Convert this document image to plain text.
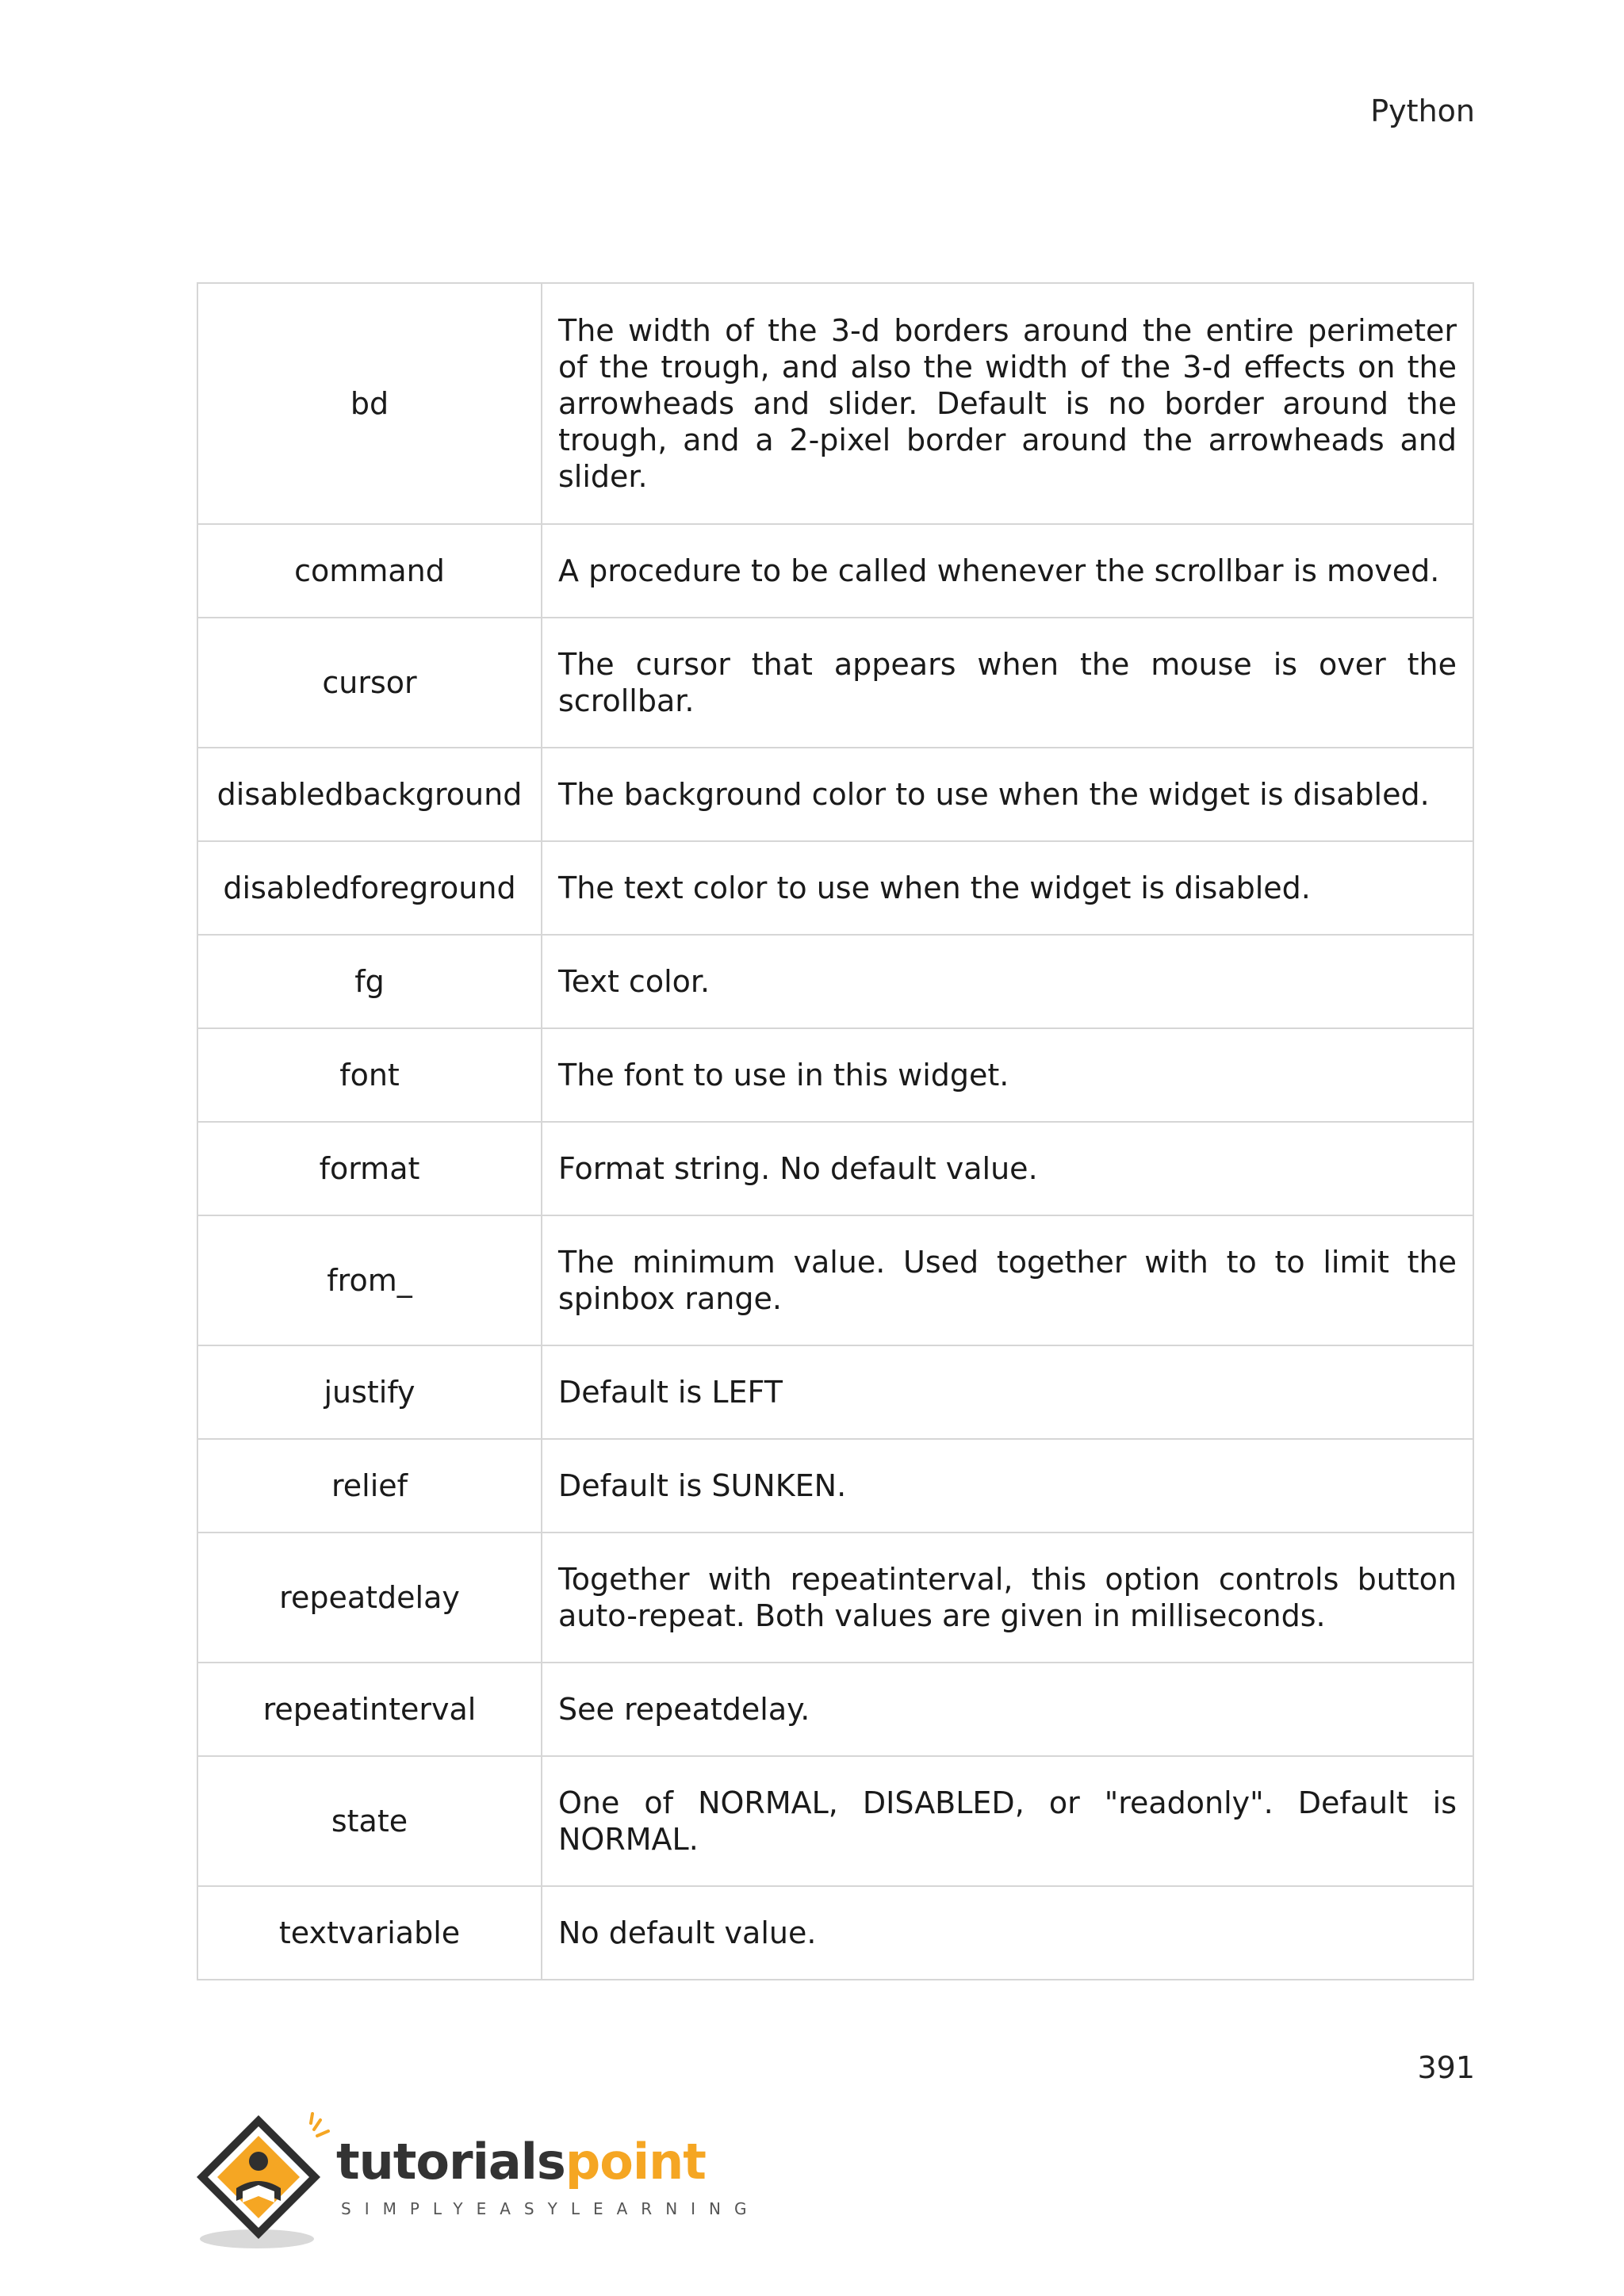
Python
bd	The width of the 3-d borders around the entire perimeter of the trough, and also the width of the 3-d effects on the arrowheads and slider. Default is no border around the trough, and a 2-pixel border around the arrowheads and slider.
command	A procedure to be called whenever the scrollbar is moved.
cursor	The cursor that appears when the mouse is over the scrollbar.
disabledbackground	The background color to use when the widget is disabled.
disabledforeground	The text color to use when the widget is disabled.
fg	Text color.
font	The font to use in this widget.
format	Format string. No default value.
from_	The minimum value. Used together with to to limit the spinbox range.
justify	Default is LEFT
relief	Default is SUNKEN.
repeatdelay	Together with repeatinterval, this option controls button auto-repeat. Both values are given in milliseconds.
repeatinterval	See repeatdelay.
state	One of NORMAL, DISABLED, or "readonly". Default is NORMAL.
textvariable	No default value.
391
tutorialspoint
SIMPLYEASYLEARNING
